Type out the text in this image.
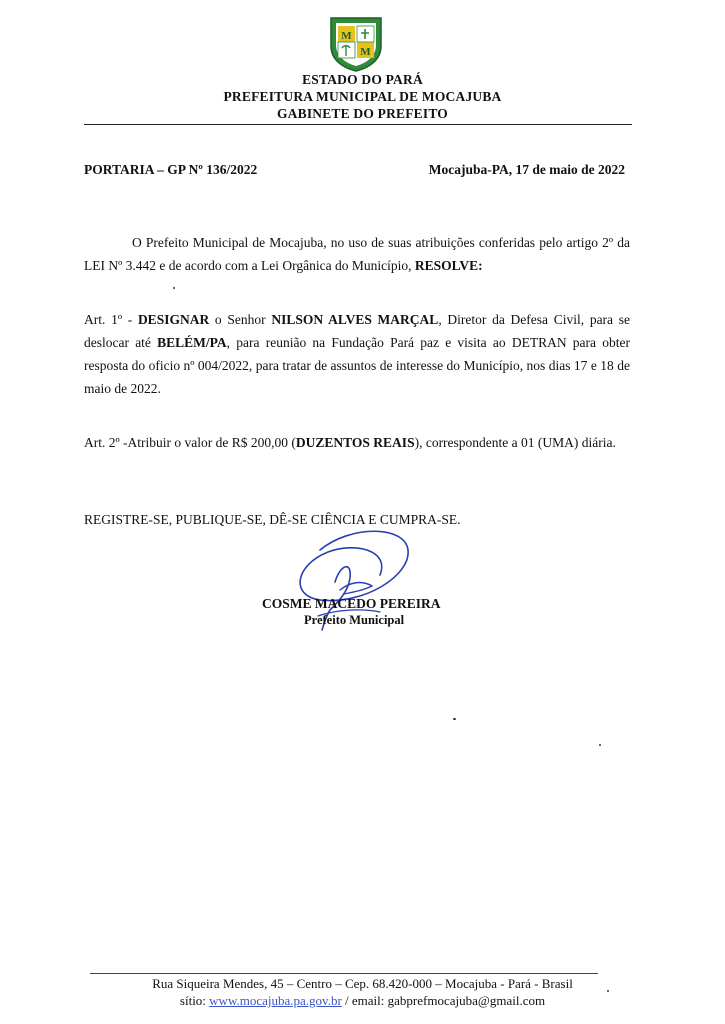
M
M
ESTADO DO PARÁ
PREFEITURA MUNICIPAL DE MOCAJUBA
GABINETE DO PREFEITO
PORTARIA – GP Nº 136/2022	Mocajuba-PA, 17 de maio de 2022
O Prefeito Municipal de Mocajuba, no uso de suas atribuições conferidas pelo artigo 2º da LEI Nº 3.442 e de acordo com a Lei Orgânica do Município, RESOLVE:
Art. 1º - DESIGNAR o Senhor NILSON ALVES MARÇAL, Diretor da Defesa Civil, para se deslocar até BELÉM/PA, para reunião na Fundação Pará paz e visita ao DETRAN para obter resposta do oficio nº 004/2022, para tratar de assuntos de interesse do Município, nos dias 17 e 18 de maio de 2022.
Art. 2º -Atribuir o valor de R$ 200,00 (DUZENTOS REAIS), correspondente a 01 (UMA) diária.
REGISTRE-SE, PUBLIQUE-SE, DÊ-SE CIÊNCIA E CUMPRA-SE.
COSME MACEDO PEREIRA
Prefeito Municipal
Rua Siqueira Mendes, 45 – Centro – Cep. 68.420-000 – Mocajuba - Pará - Brasil
sítio: www.mocajuba.pa.gov.br / email: gabprefmocajuba@gmail.com
